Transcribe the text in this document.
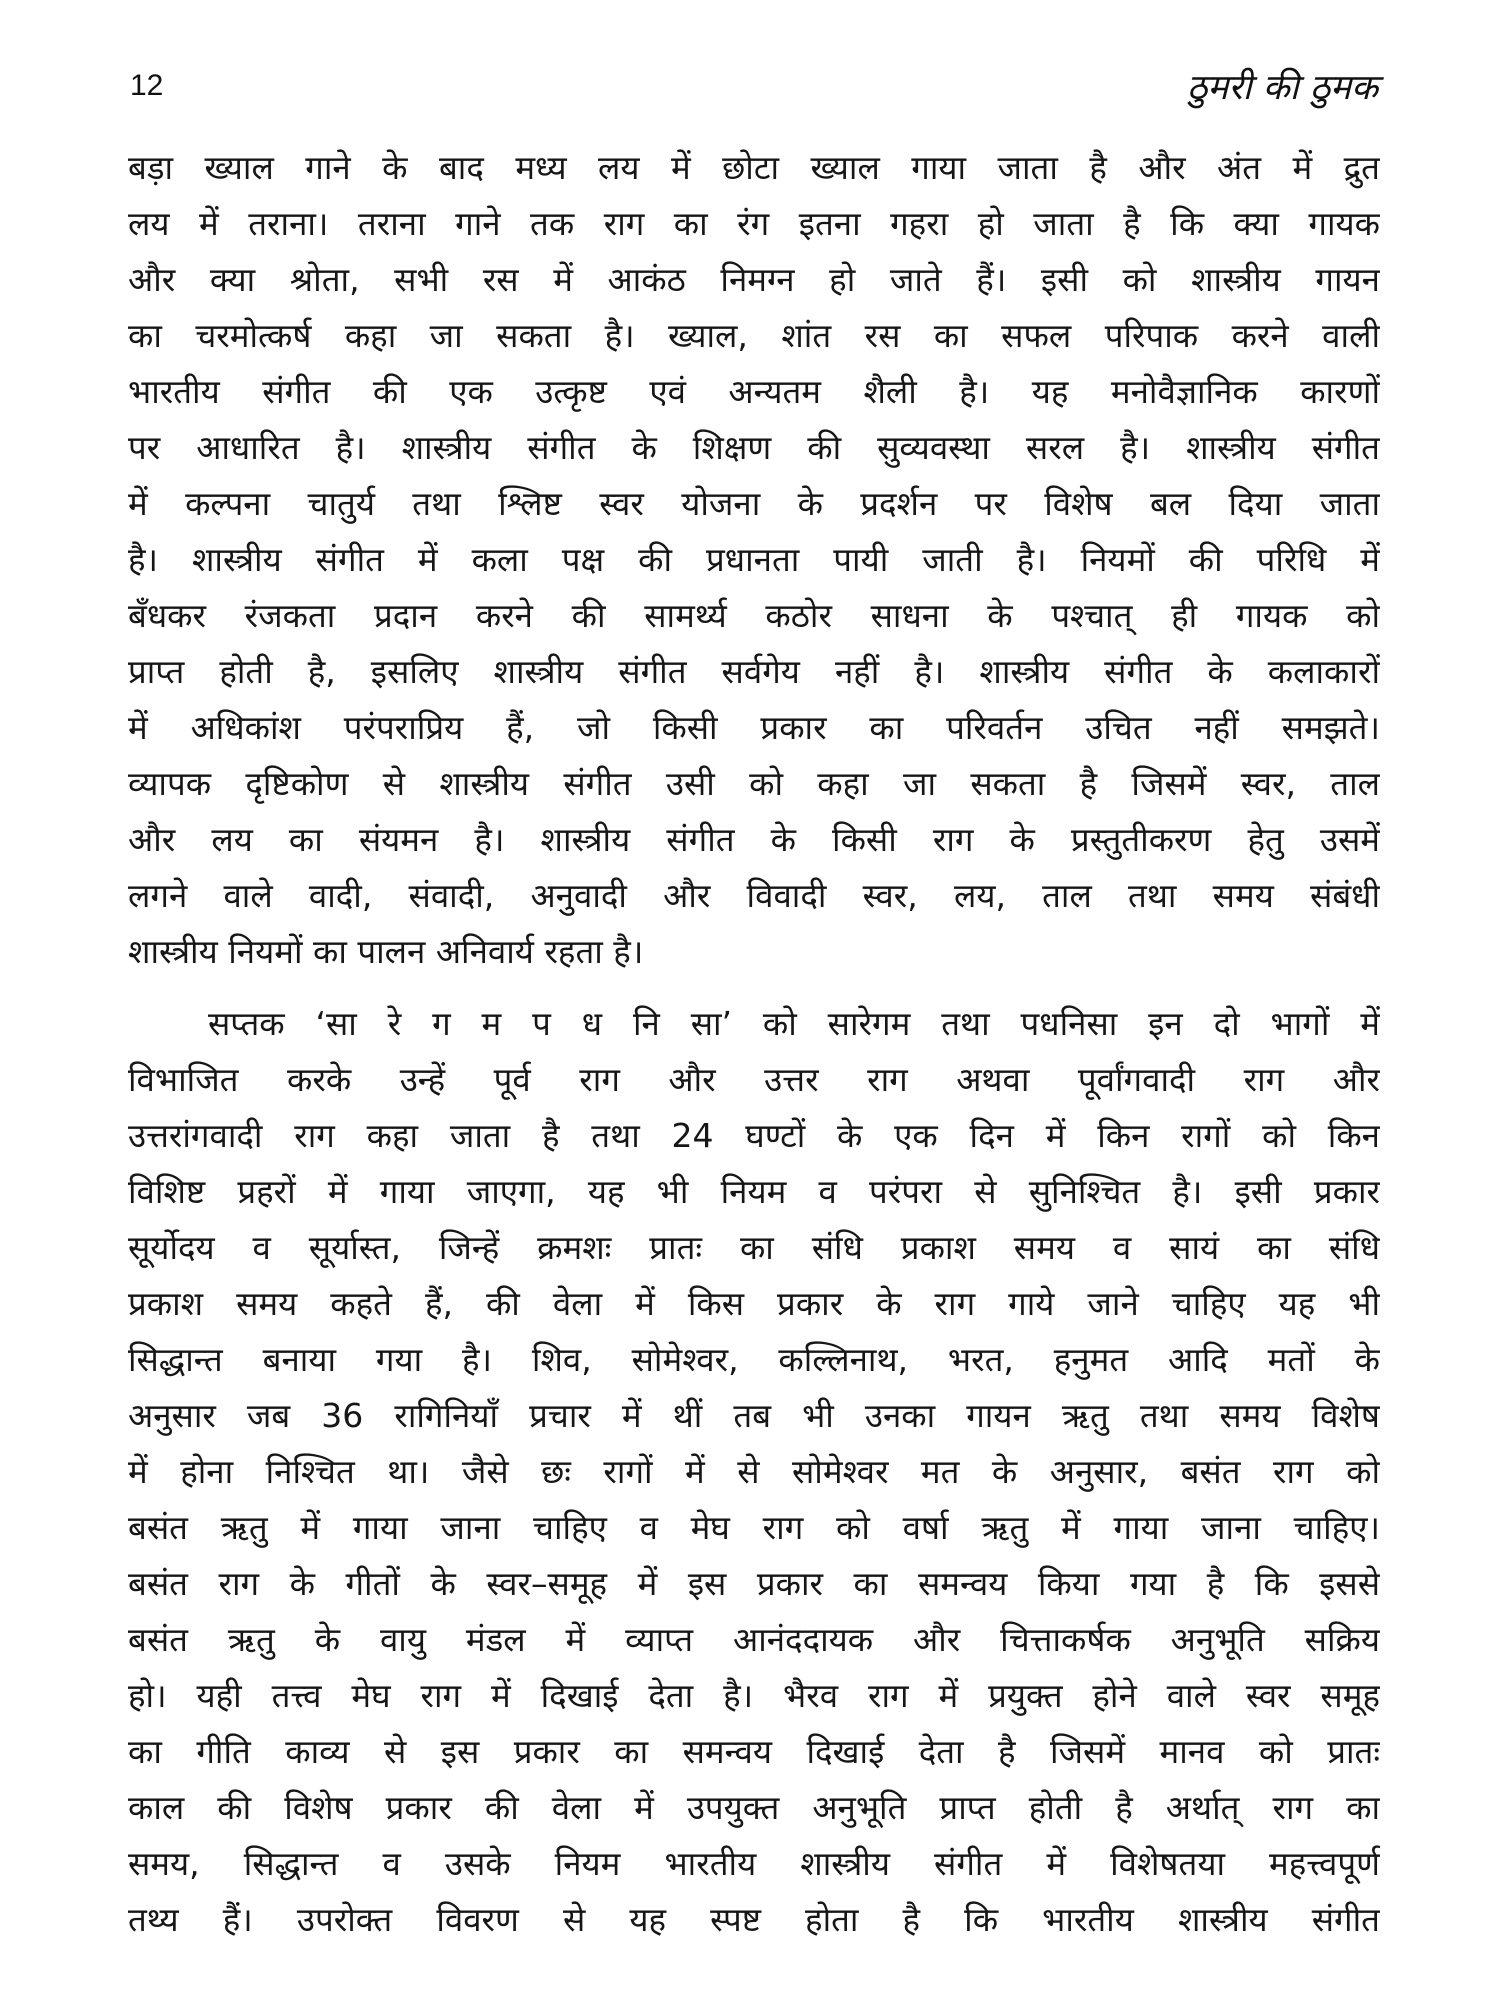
12	ठुमरी की ठुमक
बड़ा ख्याल गाने के बाद मध्य लय में छोटा ख्याल गाया जाता है और अंत में द्रुत
लय में तराना। तराना गाने तक राग का रंग इतना गहरा हो जाता है कि क्या गायक
और क्या श्रोता, सभी रस में आकंठ निमग्न हो जाते हैं। इसी को शास्त्रीय गायन
का चरमोत्कर्ष कहा जा सकता है। ख्याल, शांत रस का सफल परिपाक करने वाली
भारतीय संगीत की एक उत्कृष्ट एवं अन्यतम शैली है। यह मनोवैज्ञानिक कारणों
पर आधारित है। शास्त्रीय संगीत के शिक्षण की सुव्यवस्था सरल है। शास्त्रीय संगीत
में कल्पना चातुर्य तथा श्लिष्ट स्वर योजना के प्रदर्शन पर विशेष बल दिया जाता
है। शास्त्रीय संगीत में कला पक्ष की प्रधानता पायी जाती है। नियमों की परिधि में
बँधकर रंजकता प्रदान करने की सामर्थ्य कठोर साधना के पश्चात् ही गायक को
प्राप्त होती है, इसलिए शास्त्रीय संगीत सर्वगेय नहीं है। शास्त्रीय संगीत के कलाकारों
में अधिकांश परंपराप्रिय हैं, जो किसी प्रकार का परिवर्तन उचित नहीं समझते।
व्यापक दृष्टिकोण से शास्त्रीय संगीत उसी को कहा जा सकता है जिसमें स्वर, ताल
और लय का संयमन है। शास्त्रीय संगीत के किसी राग के प्रस्तुतीकरण हेतु उसमें
लगने वाले वादी, संवादी, अनुवादी और विवादी स्वर, लय, ताल तथा समय संबंधी
शास्त्रीय नियमों का पालन अनिवार्य रहता है।
सप्तक ‘सा रे ग म प ध नि सा’ को सारेगम तथा पधनिसा इन दो भागों में
विभाजित करके उन्हें पूर्व राग और उत्तर राग अथवा पूर्वांगवादी राग और
उत्तरांगवादी राग कहा जाता है तथा 24 घण्टों के एक दिन में किन रागों को किन
विशिष्ट प्रहरों में गाया जाएगा, यह भी नियम व परंपरा से सुनिश्चित है। इसी प्रकार
सूर्योदय व सूर्यास्त, जिन्हें क्रमशः प्रातः का संधि प्रकाश समय व सायं का संधि
प्रकाश समय कहते हैं, की वेला में किस प्रकार के राग गाये जाने चाहिए यह भी
सिद्धान्त बनाया गया है। शिव, सोमेश्वर, कल्लिनाथ, भरत, हनुमत आदि मतों के
अनुसार जब 36 रागिनियाँ प्रचार में थीं तब भी उनका गायन ऋतु तथा समय विशेष
में होना निश्चित था। जैसे छः रागों में से सोमेश्वर मत के अनुसार, बसंत राग को
बसंत ऋतु में गाया जाना चाहिए व मेघ राग को वर्षा ऋतु में गाया जाना चाहिए।
बसंत राग के गीतों के स्वर–समूह में इस प्रकार का समन्वय किया गया है कि इससे
बसंत ऋतु के वायु मंडल में व्याप्त आनंददायक और चित्ताकर्षक अनुभूति सक्रिय
हो। यही तत्त्व मेघ राग में दिखाई देता है। भैरव राग में प्रयुक्त होने वाले स्वर समूह
का गीति काव्य से इस प्रकार का समन्वय दिखाई देता है जिसमें मानव को प्रातः
काल की विशेष प्रकार की वेला में उपयुक्त अनुभूति प्राप्त होती है अर्थात् राग का
समय, सिद्धान्त व उसके नियम भारतीय शास्त्रीय संगीत में विशेषतया महत्त्वपूर्ण
तथ्य हैं। उपरोक्त विवरण से यह स्पष्ट होता है कि भारतीय शास्त्रीय संगीत
